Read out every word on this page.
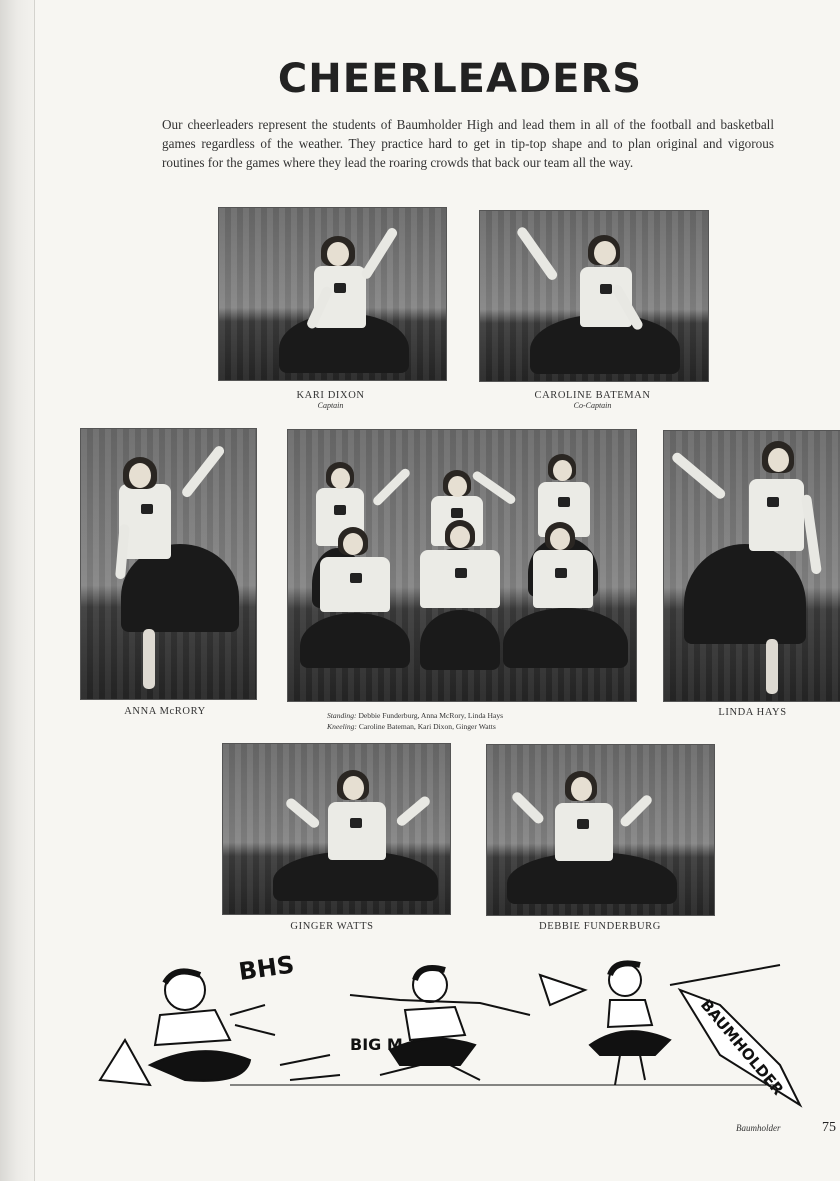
CHEERLEADERS
Our cheerleaders represent the students of Baumholder High and lead them in all of the football and basketball games regardless of the weather. They practice hard to get in tip-top shape and to plan original and vigorous routines for the games where they lead the roaring crowds that back our team all the way.
KARI DIXON
Captain
CAROLINE BATEMAN
Co-Captain
ANNA McRORY	Standing: Debbie Funderburg, Anna McRory, Linda Hays
Kneeling: Caroline Bateman, Kari Dixon, Ginger Watts
LINDA HAYS
GINGER WATTS	DEBBIE FUNDERBURG
BHS
BIG M	BAUMHOLDER
Baumholder	75
